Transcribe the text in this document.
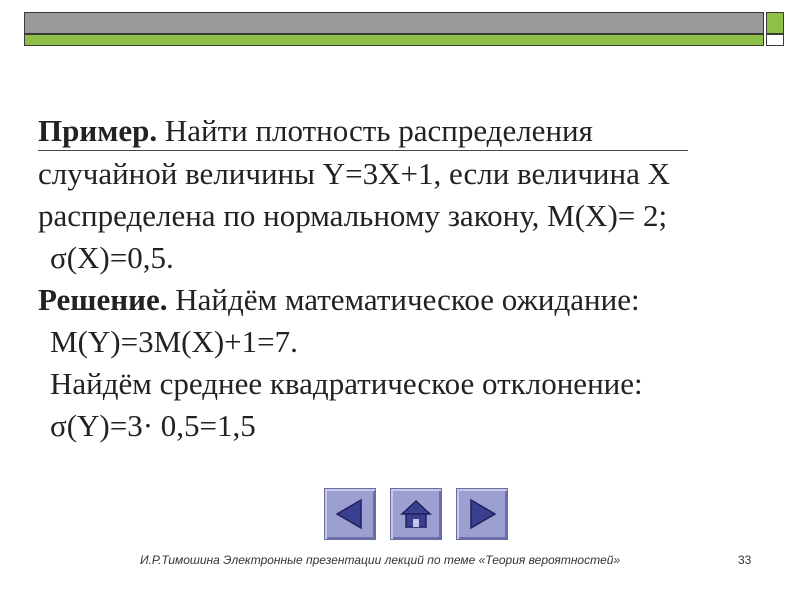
Пример. Найти плотность распределения
случайной величины Y=3X+1, если величина X
распределена по нормальному закону, M(X)= 2;
σ(X)=0,5.
Решение. Найдём математическое ожидание:
M(Y)=3M(X)+1=7.
Найдём среднее квадратическое отклонение:
σ(Y)=3· 0,5=1,5
И.Р.Тимошина Электронные презентации лекций по теме «Теория вероятностей»	33
